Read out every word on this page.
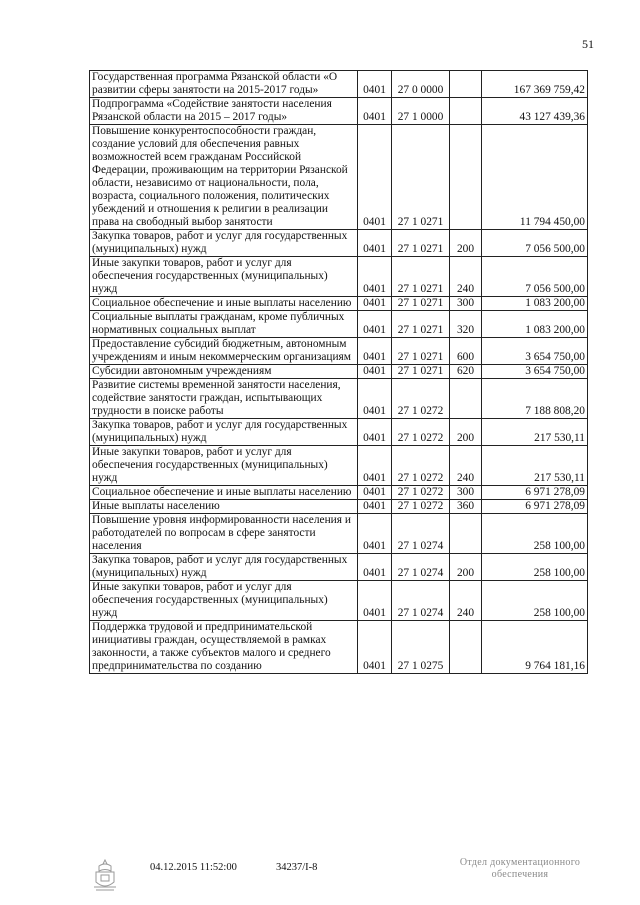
51
Государственная программа Рязанской области «О развитии сферы занятости на 2015-2017 годы»	0401	27 0 0000		167 369 759,42
Подпрограмма «Содействие занятости населения Рязанской области на 2015 – 2017 годы»	0401	27 1 0000		43 127 439,36
Повышение конкурентоспособности граждан, создание условий для обеспечения равных возможностей всем гражданам Российской Федерации, проживающим на территории Рязанской области, независимо от национальности, пола, возраста, социального положения, политических убеждений и отношения к религии в реализации права на свободный выбор занятости	0401	27 1 0271		11 794 450,00
Закупка товаров, работ и услуг для государственных (муниципальных) нужд	0401	27 1 0271	200	7 056 500,00
Иные закупки товаров, работ и услуг для обеспечения государственных (муниципальных) нужд	0401	27 1 0271	240	7 056 500,00
Социальное обеспечение и иные выплаты населению	0401	27 1 0271	300	1 083 200,00
Социальные выплаты гражданам, кроме публичных нормативных социальных выплат	0401	27 1 0271	320	1 083 200,00
Предоставление субсидий бюджетным, автономным учреждениям и иным некоммерческим организациям	0401	27 1 0271	600	3 654 750,00
Субсидии автономным учреждениям	0401	27 1 0271	620	3 654 750,00
Развитие системы временной занятости населения, содействие занятости граждан, испытывающих трудности в поиске работы	0401	27 1 0272		7 188 808,20
Закупка товаров, работ и услуг для государственных (муниципальных) нужд	0401	27 1 0272	200	217 530,11
Иные закупки товаров, работ и услуг для обеспечения государственных (муниципальных) нужд	0401	27 1 0272	240	217 530,11
Социальное обеспечение и иные выплаты населению	0401	27 1 0272	300	6 971 278,09
Иные выплаты населению	0401	27 1 0272	360	6 971 278,09
Повышение уровня информированности населения и работодателей по вопросам в сфере занятости населения	0401	27 1 0274		258 100,00
Закупка товаров, работ и услуг для государственных (муниципальных) нужд	0401	27 1 0274	200	258 100,00
Иные закупки товаров, работ и услуг для обеспечения государственных (муниципальных) нужд	0401	27 1 0274	240	258 100,00
Поддержка трудовой и предпринимательской инициативы граждан, осуществляемой в рамках законности, а также субъектов малого и среднего предпринимательства по созданию	0401	27 1 0275		9 764 181,16
04.12.2015 11:52:00	34237/I-8	Отдел документационного
обеспечения
